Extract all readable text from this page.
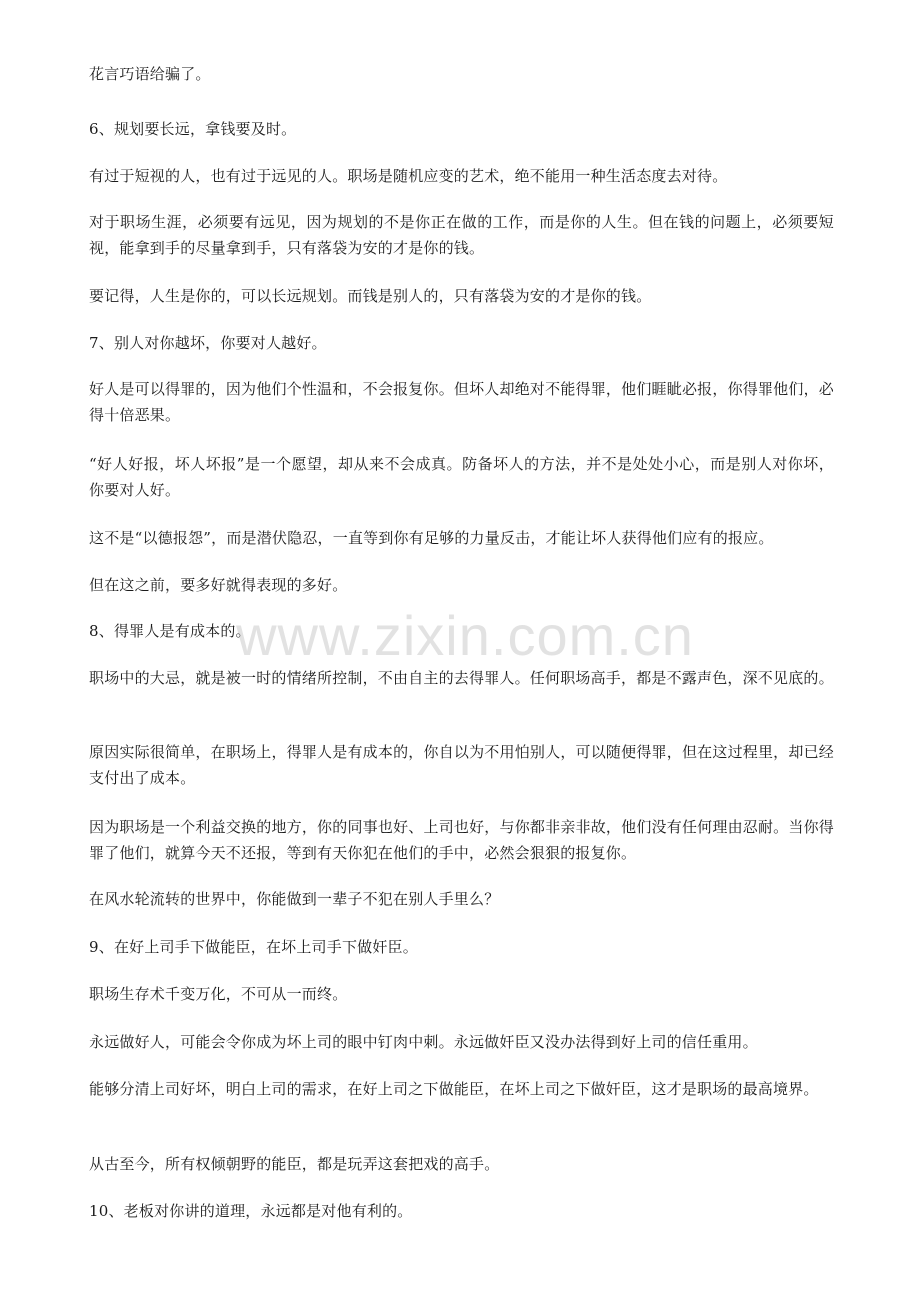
花言巧语给骗了。

6、规划要长远，拿钱要及时。

有过于短视的人，也有过于远见的人。职场是随机应变的艺术，绝不能用一种生活态度去对待。

对于职场生涯，必须要有远见，因为规划的不是你正在做的工作，而是你的人生。但在钱的问题上，必须要短视，能拿到手的尽量拿到手，只有落袋为安的才是你的钱。

要记得，人生是你的，可以长远规划。而钱是别人的，只有落袋为安的才是你的钱。

7、别人对你越坏，你要对人越好。

好人是可以得罪的，因为他们个性温和，不会报复你。但坏人却绝对不能得罪，他们睚眦必报，你得罪他们，必得十倍恶果。

“好人好报，坏人坏报”是一个愿望，却从来不会成真。防备坏人的方法，并不是处处小心，而是别人对你坏，你要对人好。

这不是“以德报怨”，而是潜伏隐忍，一直等到你有足够的力量反击，才能让坏人获得他们应有的报应。

但在这之前，要多好就得表现的多好。

8、得罪人是有成本的。

职场中的大忌，就是被一时的情绪所控制，不由自主的去得罪人。任何职场高手，都是不露声色，深不见底的。

原因实际很简单，在职场上，得罪人是有成本的，你自以为不用怕别人，可以随便得罪，但在这过程里，却已经支付出了成本。

因为职场是一个利益交换的地方，你的同事也好、上司也好，与你都非亲非故，他们没有任何理由忍耐。当你得罪了他们，就算今天不还报，等到有天你犯在他们的手中，必然会狠狠的报复你。

在风水轮流转的世界中，你能做到一辈子不犯在别人手里么？

9、在好上司手下做能臣，在坏上司手下做奸臣。

职场生存术千变万化，不可从一而终。

永远做好人，可能会令你成为坏上司的眼中钉肉中刺。永远做奸臣又没办法得到好上司的信任重用。

能够分清上司好坏，明白上司的需求，在好上司之下做能臣，在坏上司之下做奸臣，这才是职场的最高境界。

从古至今，所有权倾朝野的能臣，都是玩弄这套把戏的高手。

10、老板对你讲的道理，永远都是对他有利的。

www.zixin.com.cn
